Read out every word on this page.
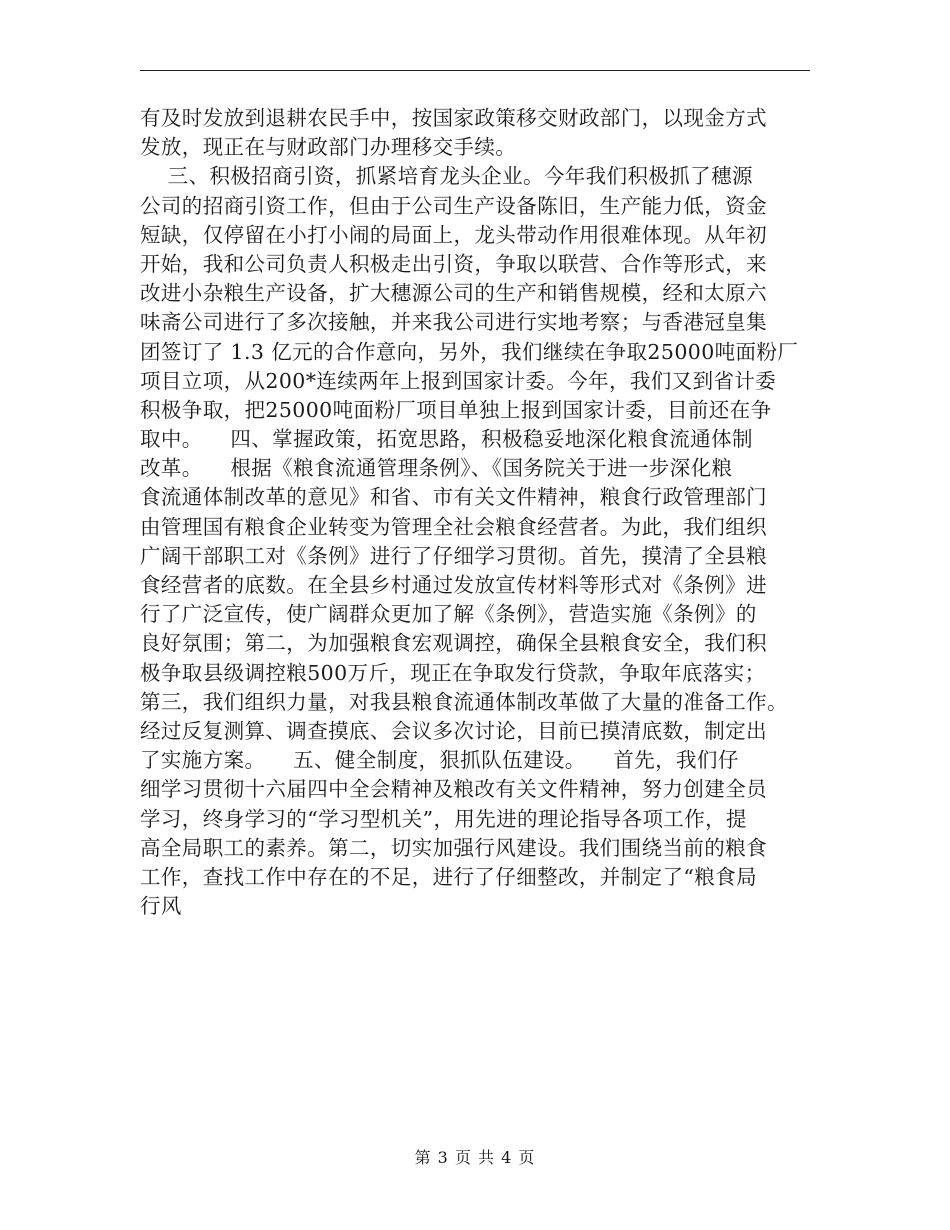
有及时发放到退耕农民手中，按国家政策移交财政部门，以现金方式
发放，现正在与财政部门办理移交手续。
三、积极招商引资，抓紧培育龙头企业。今年我们积极抓了穗源
公司的招商引资工作，但由于公司生产设备陈旧，生产能力低，资金
短缺，仅停留在小打小闹的局面上，龙头带动作用很难体现。从年初
开始，我和公司负责人积极走出引资，争取以联营、合作等形式，来
改进小杂粮生产设备，扩大穗源公司的生产和销售规模，经和太原六
味斋公司进行了多次接触，并来我公司进行实地考察；与香港冠皇集
团签订了 1.3 亿元的合作意向，另外，我们继续在争取25000吨面粉厂
项目立项，从200*连续两年上报到国家计委。今年，我们又到省计委
积极争取，把25000吨面粉厂项目单独上报到国家计委，目前还在争
取中。    四、掌握政策，拓宽思路，积极稳妥地深化粮食流通体制
改革。    根据《粮食流通管理条例》、《国务院关于进一步深化粮
食流通体制改革的意见》和省、市有关文件精神，粮食行政管理部门
由管理国有粮食企业转变为管理全社会粮食经营者。为此，我们组织
广阔干部职工对《条例》进行了仔细学习贯彻。首先，摸清了全县粮
食经营者的底数。在全县乡村通过发放宣传材料等形式对《条例》进
行了广泛宣传，使广阔群众更加了解《条例》，营造实施《条例》的
良好氛围；第二，为加强粮食宏观调控，确保全县粮食安全，我们积
极争取县级调控粮500万斤，现正在争取发行贷款，争取年底落实；
第三，我们组织力量，对我县粮食流通体制改革做了大量的准备工作。
经过反复测算、调查摸底、会议多次讨论，目前已摸清底数，制定出
了实施方案。    五、健全制度，狠抓队伍建设。    首先，我们仔
细学习贯彻十六届四中全会精神及粮改有关文件精神，努力创建全员
学习，终身学习的“学习型机关”，用先进的理论指导各项工作，提
高全局职工的素养。第二，切实加强行风建设。我们围绕当前的粮食
工作，查找工作中存在的不足，进行了仔细整改，并制定了“粮食局
行风
第 3 页 共 4 页
